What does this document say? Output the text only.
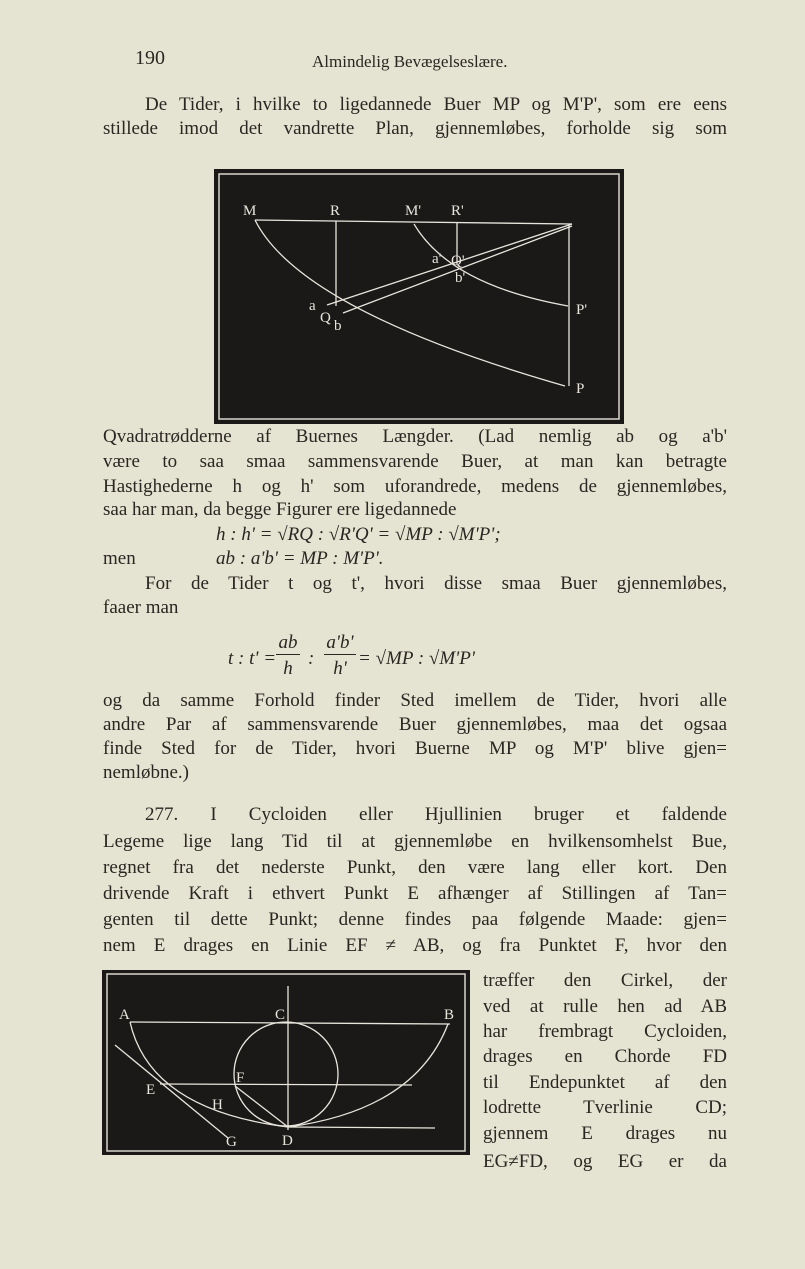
190	Almindelig Bevægelseslære.
De Tider, i hvilke to ligedannede Buer MP og M'P', som ere eens
stillede imod det vandrette Plan, gjennemløbes, forholde sig som
M	R	M' R'
a' Q'
b'
a
Q b
P'
P
A	C	B
F
E
H
G	D
Qvadratrødderne af Buernes Længder. (Lad nemlig ab og a'b'
være to saa smaa sammensvarende Buer, at man kan betragte
Hastighederne h og h' som uforandrede, medens de gjennemløbes,
saa har man, da begge Figurer ere ligedannede
h : h' = √RQ : √R'Q' = √MP : √M'P';
men	ab : a'b' = MP : M'P'.
For de Tider t og t', hvori disse smaa Buer gjennemløbes,
faaer man
t : t' =
ab
h :
a'b'
h' = √MP : √M'P'
og da samme Forhold finder Sted imellem de Tider, hvori alle
andre Par af sammensvarende Buer gjennemløbes, maa det ogsaa
finde Sted for de Tider, hvori Buerne MP og M'P' blive gjen=
nemløbne.)
277. I Cycloiden eller Hjullinien bruger et faldende
Legeme lige lang Tid til at gjennemløbe en hvilkensomhelst Bue,
regnet fra det nederste Punkt, den være lang eller kort. Den
drivende Kraft i ethvert Punkt E afhænger af Stillingen af Tan=
genten til dette Punkt; denne findes paa følgende Maade: gjen=
nem E drages en Linie EF ≠ AB, og fra Punktet F, hvor den
træffer den Cirkel, der
ved at rulle hen ad AB
har frembragt Cycloiden,
drages en Chorde FD
til Endepunktet af den
lodrette Tverlinie CD;
gjennem E drages nu
EG≠FD, og EG er da
